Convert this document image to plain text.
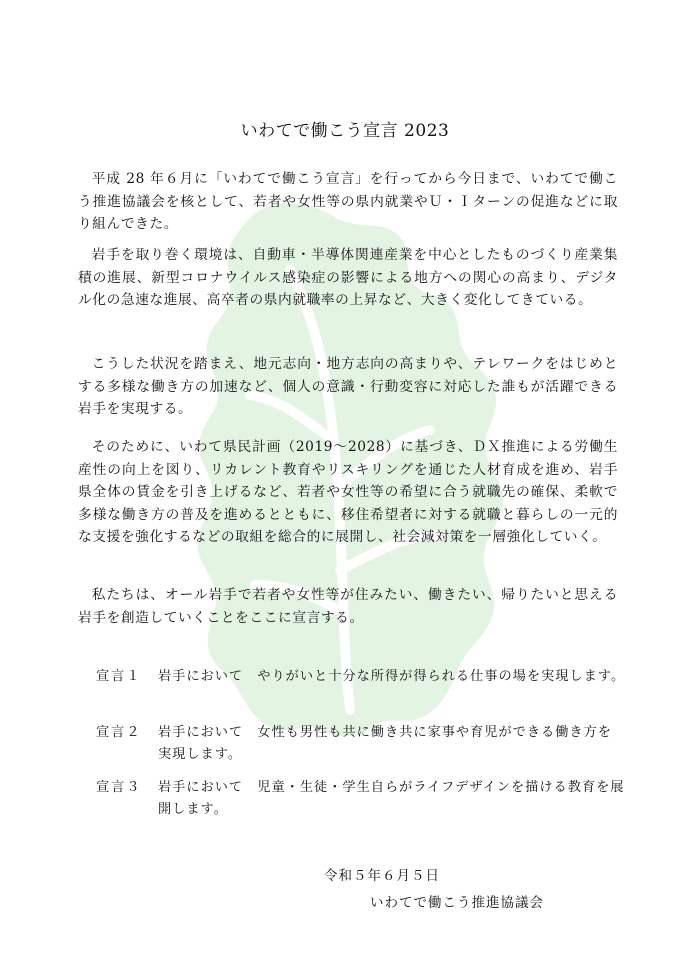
いわてで働こう宣言 2023

平成 28 年６月に「いわてで働こう宣言」を行ってから今日まで、いわてで働こう推進協議会を核として、若者や女性等の県内就業やＵ・Ｉターンの促進などに取り組んできた。

岩手を取り巻く環境は、自動車・半導体関連産業を中心としたものづくり産業集積の進展、新型コロナウイルス感染症の影響による地方への関心の高まり、デジタル化の急速な進展、高卒者の県内就職率の上昇など、大きく変化してきている。

こうした状況を踏まえ、地元志向・地方志向の高まりや、テレワークをはじめとする多様な働き方の加速など、個人の意識・行動変容に対応した誰もが活躍できる岩手を実現する。

そのために、いわて県民計画（2019～2028）に基づき、ＤＸ推進による労働生産性の向上を図り、リカレント教育やリスキリングを通じた人材育成を進め、岩手県全体の賃金を引き上げるなど、若者や女性等の希望に合う就職先の確保、柔軟で多様な働き方の普及を進めるとともに、移住希望者に対する就職と暮らしの一元的な支援を強化するなどの取組を総合的に展開し、社会減対策を一層強化していく。

私たちは、オール岩手で若者や女性等が住みたい、働きたい、帰りたいと思える岩手を創造していくことをここに宣言する。

宣言１ 岩手において　やりがいと十分な所得が得られる仕事の場を実現します。
宣言２ 岩手において　女性も男性も共に働き共に家事や育児ができる働き方を実現します。
宣言３ 岩手において　児童・生徒・学生自らがライフデザインを描ける教育を展開します。
令和５年６月５日
いわてで働こう推進協議会
